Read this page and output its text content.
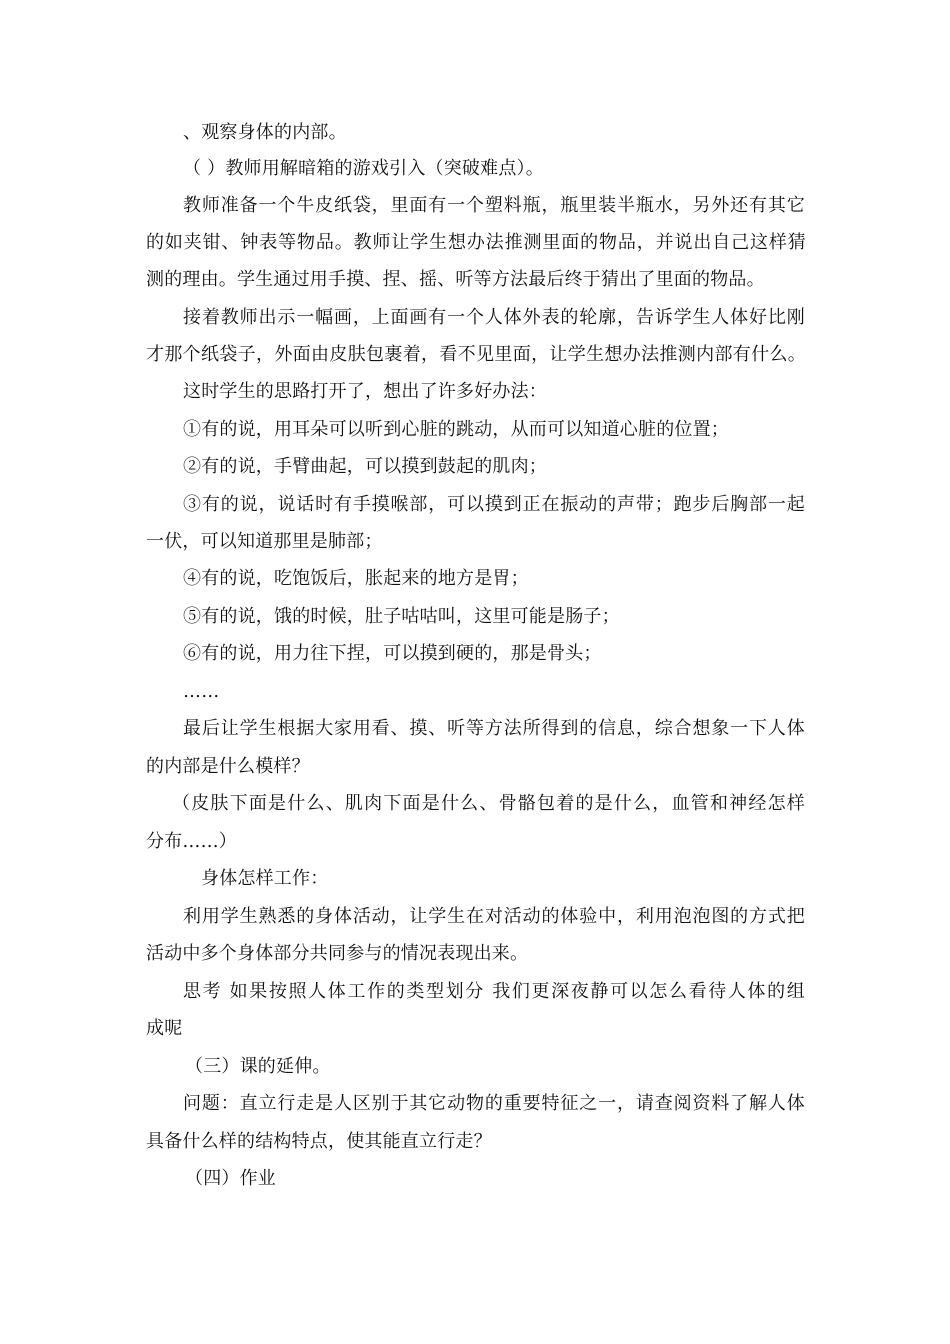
、观察身体的内部。
（ ）教师用解暗箱的游戏引入（突破难点）。
教师准备一个牛皮纸袋，里面有一个塑料瓶，瓶里装半瓶水，另外还有其它
的如夹钳、钟表等物品。教师让学生想办法推测里面的物品，并说出自己这样猜
测的理由。学生通过用手摸、捏、摇、听等方法最后终于猜出了里面的物品。
接着教师出示一幅画，上面画有一个人体外表的轮廓，告诉学生人体好比刚
才那个纸袋子，外面由皮肤包裹着，看不见里面，让学生想办法推测内部有什么。
这时学生的思路打开了，想出了许多好办法：
①有的说，用耳朵可以听到心脏的跳动，从而可以知道心脏的位置；
②有的说，手臂曲起，可以摸到鼓起的肌肉；
③有的说，说话时有手摸喉部，可以摸到正在振动的声带；跑步后胸部一起
一伏，可以知道那里是肺部；
④有的说，吃饱饭后，胀起来的地方是胃；
⑤有的说，饿的时候，肚子咕咕叫，这里可能是肠子；
⑥有的说，用力往下捏，可以摸到硬的，那是骨头；
……
最后让学生根据大家用看、摸、听等方法所得到的信息，综合想象一下人体
的内部是什么模样？
（皮肤下面是什么、肌肉下面是什么、骨骼包着的是什么，血管和神经怎样
分布……）
身体怎样工作：
利用学生熟悉的身体活动，让学生在对活动的体验中，利用泡泡图的方式把
活动中多个身体部分共同参与的情况表现出来。
思考 如果按照人体工作的类型划分 我们更深夜静可以怎么看待人体的组
成呢
（三）课的延伸。
问题：直立行走是人区别于其它动物的重要特征之一，请查阅资料了解人体
具备什么样的结构特点，使其能直立行走？
（四）作业
